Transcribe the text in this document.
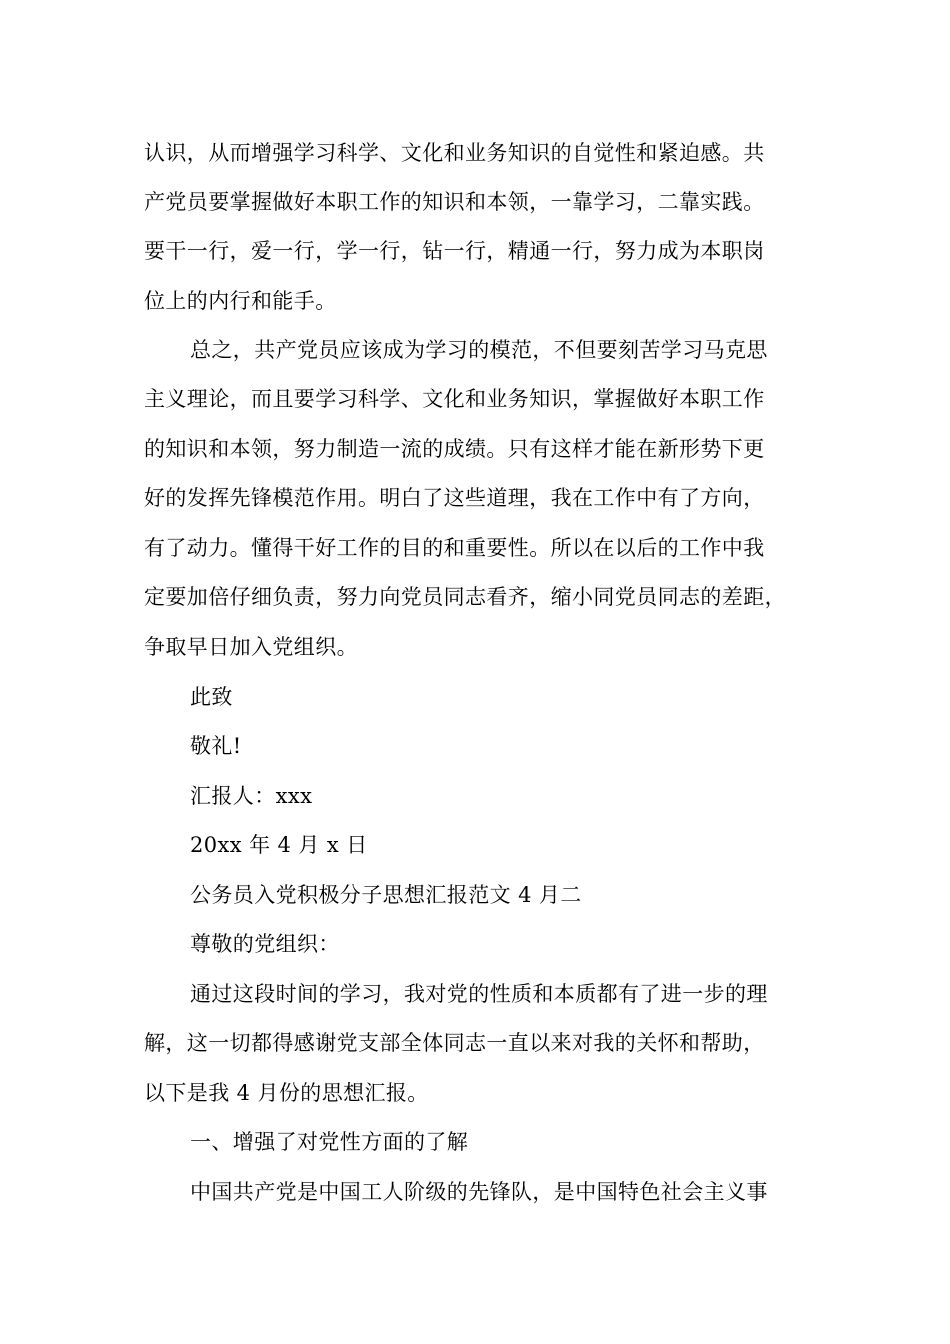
认识，从而增强学习科学、文化和业务知识的自觉性和紧迫感。共
产党员要掌握做好本职工作的知识和本领，一靠学习，二靠实践。
要干一行，爱一行，学一行，钻一行，精通一行，努力成为本职岗
位上的内行和能手。
总之，共产党员应该成为学习的模范，不但要刻苦学习马克思
主义理论，而且要学习科学、文化和业务知识，掌握做好本职工作
的知识和本领，努力制造一流的成绩。只有这样才能在新形势下更
好的发挥先锋模范作用。明白了这些道理，我在工作中有了方向，
有了动力。懂得干好工作的目的和重要性。所以在以后的工作中我
定要加倍仔细负责，努力向党员同志看齐，缩小同党员同志的差距，
争取早日加入党组织。
此致
敬礼!
汇报人：xxx
20xx 年 4 月 x 日
公务员入党积极分子思想汇报范文 4 月二
尊敬的党组织：
通过这段时间的学习，我对党的性质和本质都有了进一步的理
解，这一切都得感谢党支部全体同志一直以来对我的关怀和帮助，
以下是我 4 月份的思想汇报。
一、增强了对党性方面的了解
中国共产党是中国工人阶级的先锋队，是中国特色社会主义事
